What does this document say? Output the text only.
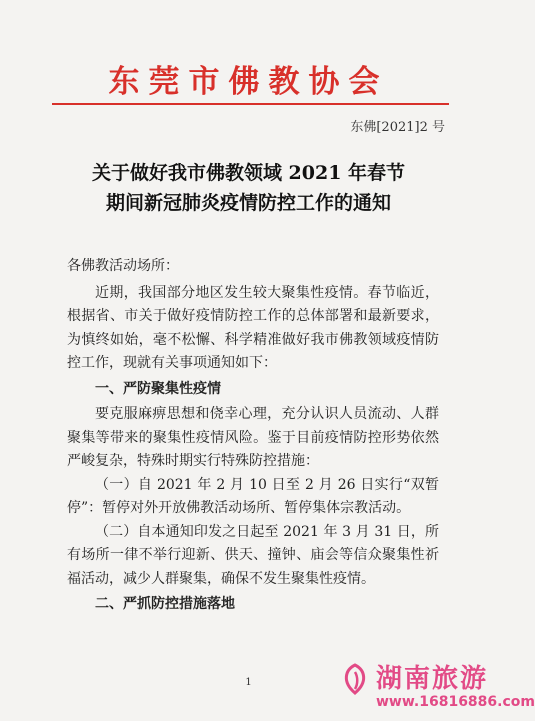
东莞市佛教协会
东佛[2021]2 号
关于做好我市佛教领域 2021 年春节
期间新冠肺炎疫情防控工作的通知

各佛教活动场所：

近期，我国部分地区发生较大聚集性疫情。春节临近，根据省、市关于做好疫情防控工作的总体部署和最新要求，为慎终如始，毫不松懈、科学精准做好我市佛教领域疫情防控工作，现就有关事项通知如下：

一、严防聚集性疫情

要克服麻痹思想和侥幸心理，充分认识人员流动、人群聚集等带来的聚集性疫情风险。鉴于目前疫情防控形势依然严峻复杂，特殊时期实行特殊防控措施：

（一）自 2021 年 2 月 10 日至 2 月 26 日实行“双暂停”：暂停对外开放佛教活动场所、暂停集体宗教活动。

（二）自本通知印发之日起至 2021 年 3 月 31 日，所有场所一律不举行迎新、供天、撞钟、庙会等信众聚集性祈福活动，减少人群聚集，确保不发生聚集性疫情。

二、严抓防控措施落地

1	湖南旅游
www.16816886.com
